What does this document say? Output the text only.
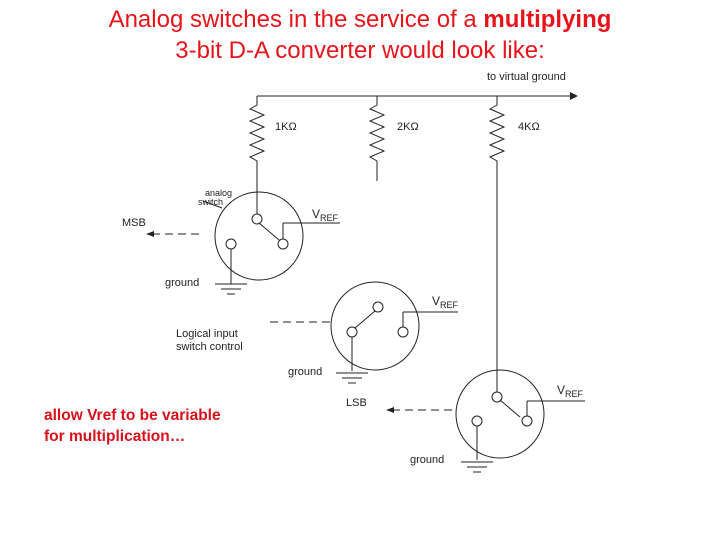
Analog switches in the service of a multiplying
3-bit D-A converter would look like:
to virtual ground
1KΩ	2KΩ	4KΩ
analog
switch
MSB
LSB
V REF
V REF
V REF
ground
ground
ground
Logical input
switch control
allow Vref to be variable
for multiplication…
